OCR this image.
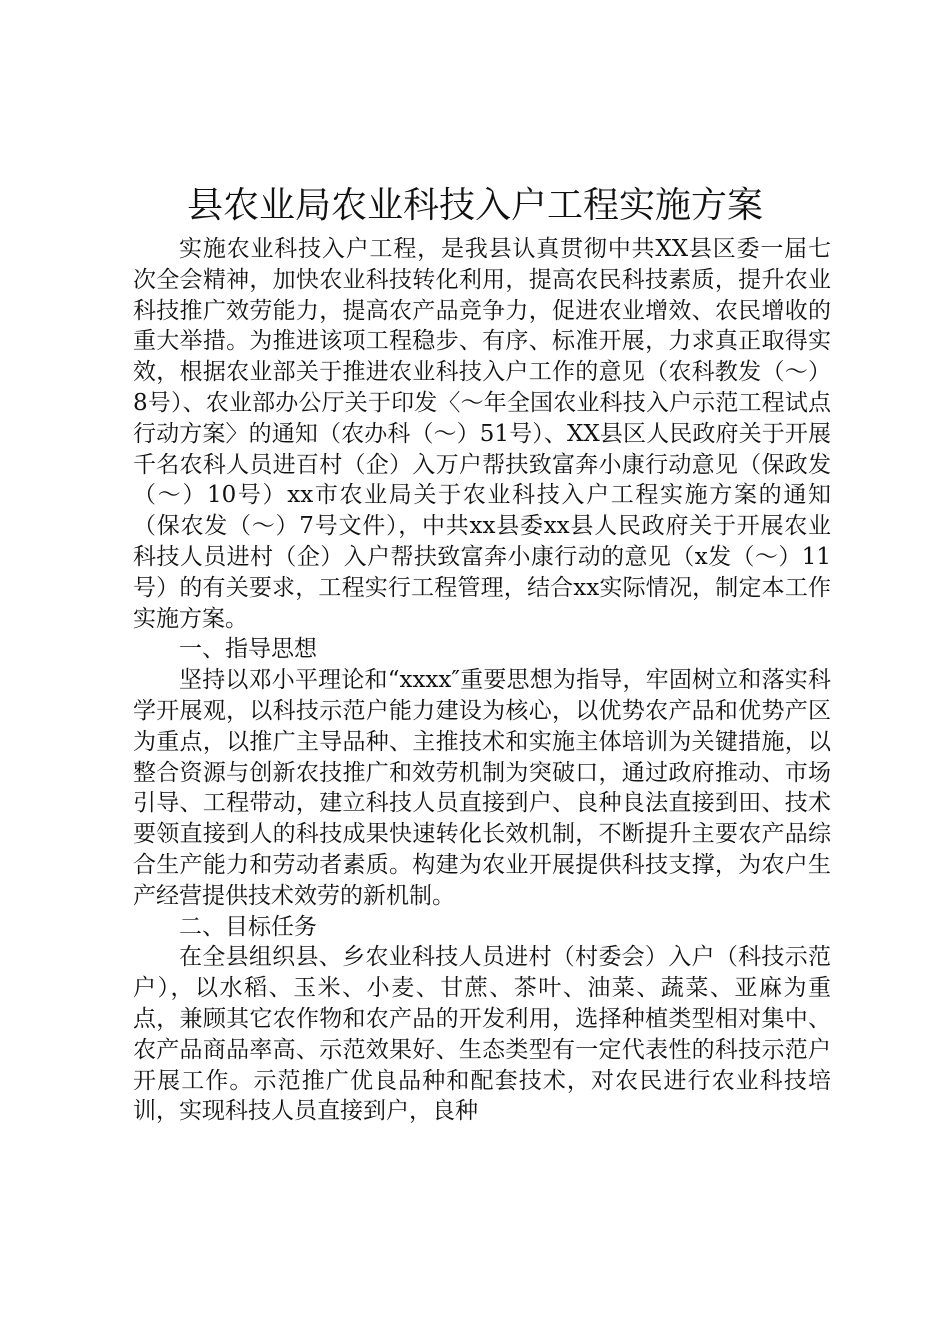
县农业局农业科技入户工程实施方案

实施农业科技入户工程，是我县认真贯彻中共XX县区委一届七次全会精神，加快农业科技转化利用，提高农民科技素质，提升农业科技推广效劳能力，提高农产品竞争力，促进农业增效、农民增收的重大举措。为推进该项工程稳步、有序、标准开展，力求真正取得实效，根据农业部关于推进农业科技入户工作的意见（农科教发（～）8号）、农业部办公厅关于印发〈～年全国农业科技入户示范工程试点行动方案〉的通知（农办科（～）51号）、XX县区人民政府关于开展千名农科人员进百村（企）入万户帮扶致富奔小康行动意见（保政发（～）10号）xx市农业局关于农业科技入户工程实施方案的通知（保农发（～）7号文件），中共xx县委xx县人民政府关于开展农业科技人员进村（企）入户帮扶致富奔小康行动的意见（x发（～）11号）的有关要求，工程实行工程管理，结合xx实际情况，制定本工作实施方案。

一、指导思想

坚持以邓小平理论和“xxxx″重要思想为指导，牢固树立和落实科学开展观，以科技示范户能力建设为核心，以优势农产品和优势产区为重点，以推广主导品种、主推技术和实施主体培训为关键措施，以整合资源与创新农技推广和效劳机制为突破口，通过政府推动、市场引导、工程带动，建立科技人员直接到户、良种良法直接到田、技术要领直接到人的科技成果快速转化长效机制，不断提升主要农产品综合生产能力和劳动者素质。构建为农业开展提供科技支撑，为农户生产经营提供技术效劳的新机制。

二、目标任务

在全县组织县、乡农业科技人员进村（村委会）入户（科技示范户），以水稻、玉米、小麦、甘蔗、茶叶、油菜、蔬菜、亚麻为重点，兼顾其它农作物和农产品的开发利用，选择种植类型相对集中、农产品商品率高、示范效果好、生态类型有一定代表性的科技示范户开展工作。示范推广优良品种和配套技术，对农民进行农业科技培训，实现科技人员直接到户，良种
